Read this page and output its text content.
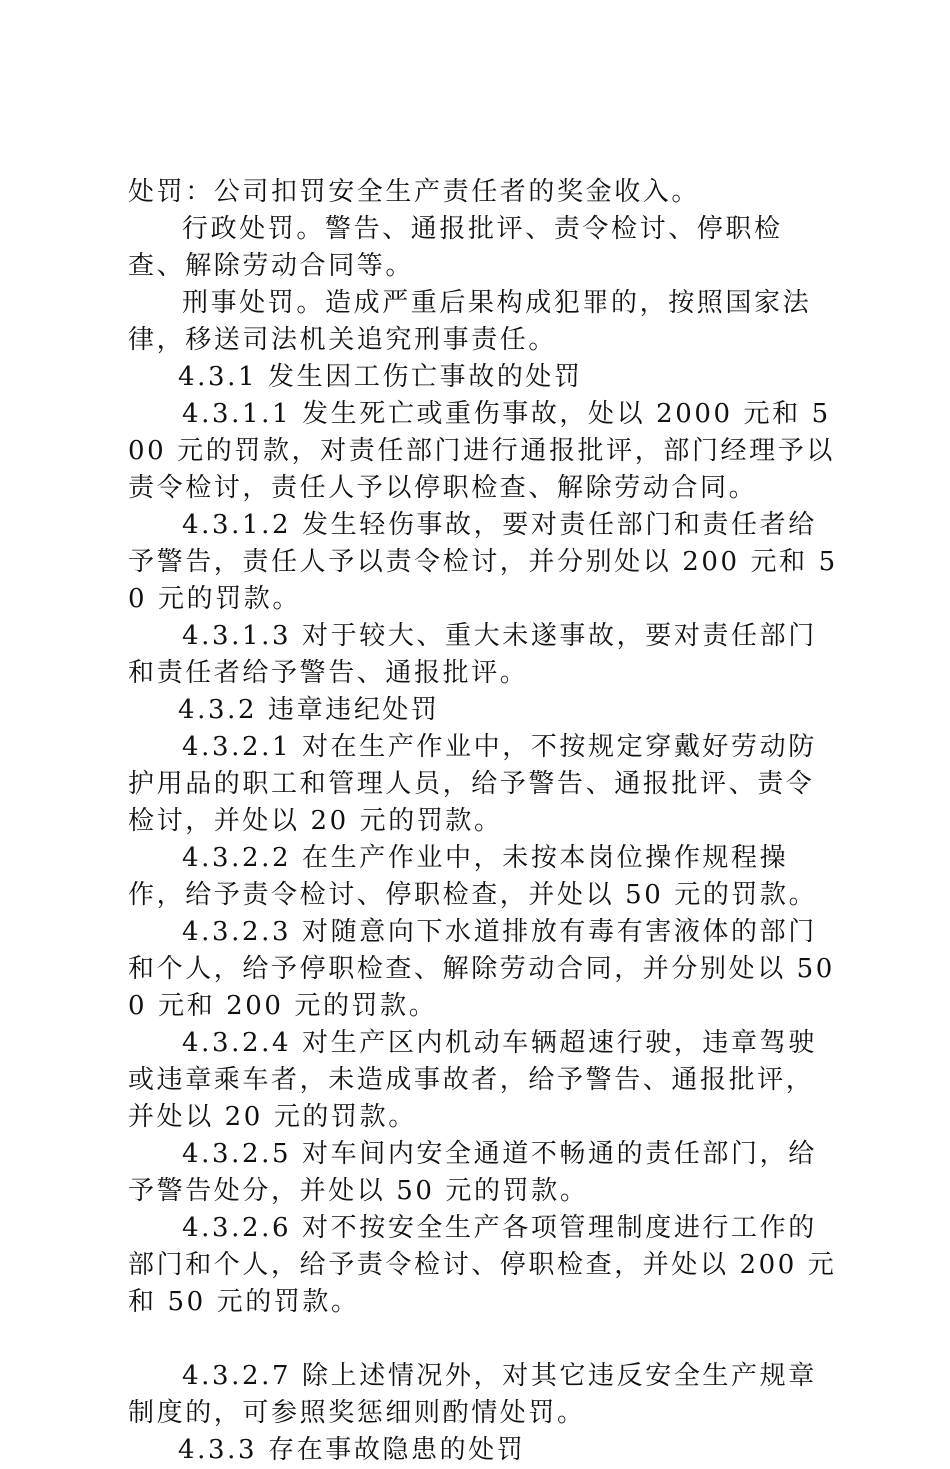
处罚：公司扣罚安全生产责任者的奖金收入。

行政处罚。警告、通报批评、责令检讨、停职检查、解除劳动合同等。

刑事处罚。造成严重后果构成犯罪的，按照国家法律，移送司法机关追究刑事责任。

4.3.1 发生因工伤亡事故的处罚

4.3.1.1 发生死亡或重伤事故，处以 2000 元和 500 元的罚款，对责任部门进行通报批评，部门经理予以责令检讨，责任人予以停职检查、解除劳动合同。

4.3.1.2 发生轻伤事故，要对责任部门和责任者给予警告，责任人予以责令检讨，并分别处以 200 元和 50 元的罚款。

4.3.1.3 对于较大、重大未遂事故，要对责任部门和责任者给予警告、通报批评。

4.3.2 违章违纪处罚

4.3.2.1 对在生产作业中，不按规定穿戴好劳动防护用品的职工和管理人员，给予警告、通报批评、责令检讨，并处以 20 元的罚款。

4.3.2.2 在生产作业中，未按本岗位操作规程操作，给予责令检讨、停职检查，并处以 50 元的罚款。

4.3.2.3 对随意向下水道排放有毒有害液体的部门和个人，给予停职检查、解除劳动合同，并分别处以 500 元和 200 元的罚款。

4.3.2.4 对生产区内机动车辆超速行驶，违章驾驶或违章乘车者，未造成事故者，给予警告、通报批评，并处以 20 元的罚款。

4.3.2.5 对车间内安全通道不畅通的责任部门，给予警告处分，并处以 50 元的罚款。

4.3.2.6 对不按安全生产各项管理制度进行工作的部门和个人，给予责令检讨、停职检查，并处以 200 元和 50 元的罚款。

4.3.2.7 除上述情况外，对其它违反安全生产规章制度的，可参照奖惩细则酌情处罚。

4.3.3 存在事故隐患的处罚
